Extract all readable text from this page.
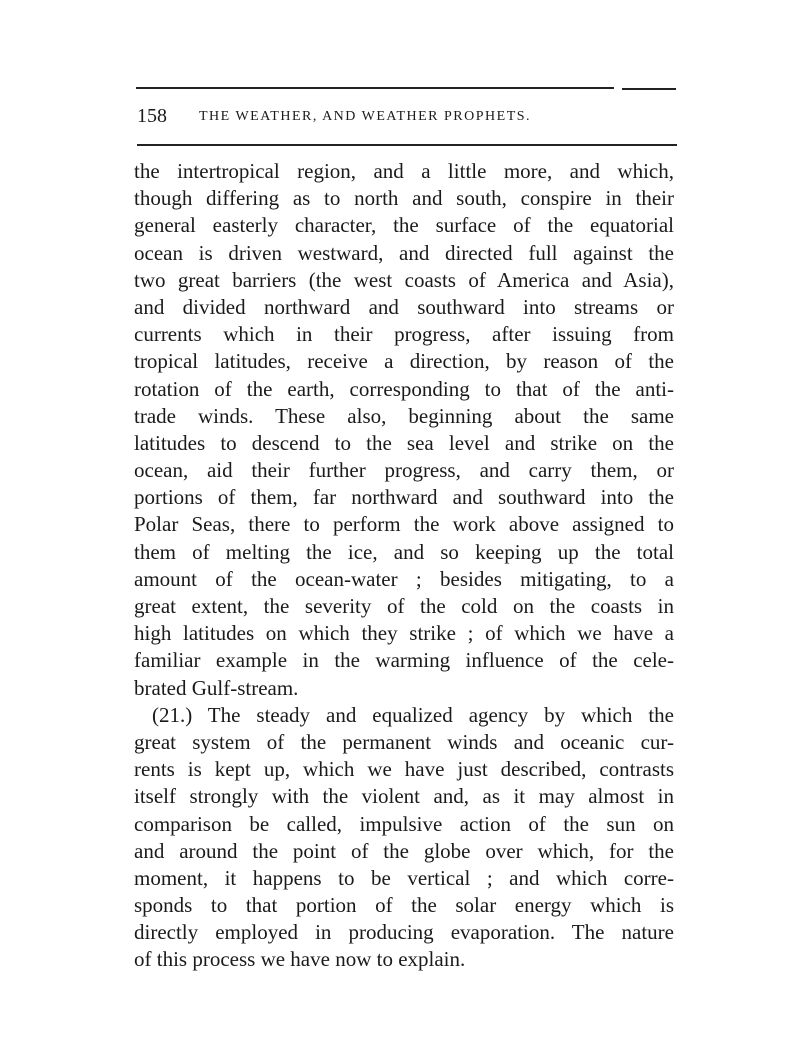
158 THE WEATHER, AND WEATHER PROPHETS.
the intertropical region, and a little more, and which,
though differing as to north and south, conspire in their
general easterly character, the surface of the equatorial
ocean is driven westward, and directed full against the
two great barriers (the west coasts of America and Asia),
and divided northward and southward into streams or
currents which in their progress, after issuing from
tropical latitudes, receive a direction, by reason of the
rotation of the earth, corresponding to that of the anti-
trade winds. These also, beginning about the same
latitudes to descend to the sea level and strike on the
ocean, aid their further progress, and carry them, or
portions of them, far northward and southward into the
Polar Seas, there to perform the work above assigned to
them of melting the ice, and so keeping up the total
amount of the ocean-water ; besides mitigating, to a
great extent, the severity of the cold on the coasts in
high latitudes on which they strike ; of which we have a
familiar example in the warming influence of the cele-
brated Gulf-stream.
(21.) The steady and equalized agency by which the
great system of the permanent winds and oceanic cur-
rents is kept up, which we have just described, contrasts
itself strongly with the violent and, as it may almost in
comparison be called, impulsive action of the sun on
and around the point of the globe over which, for the
moment, it happens to be vertical ; and which corre-
sponds to that portion of the solar energy which is
directly employed in producing evaporation. The nature
of this process we have now to explain.
